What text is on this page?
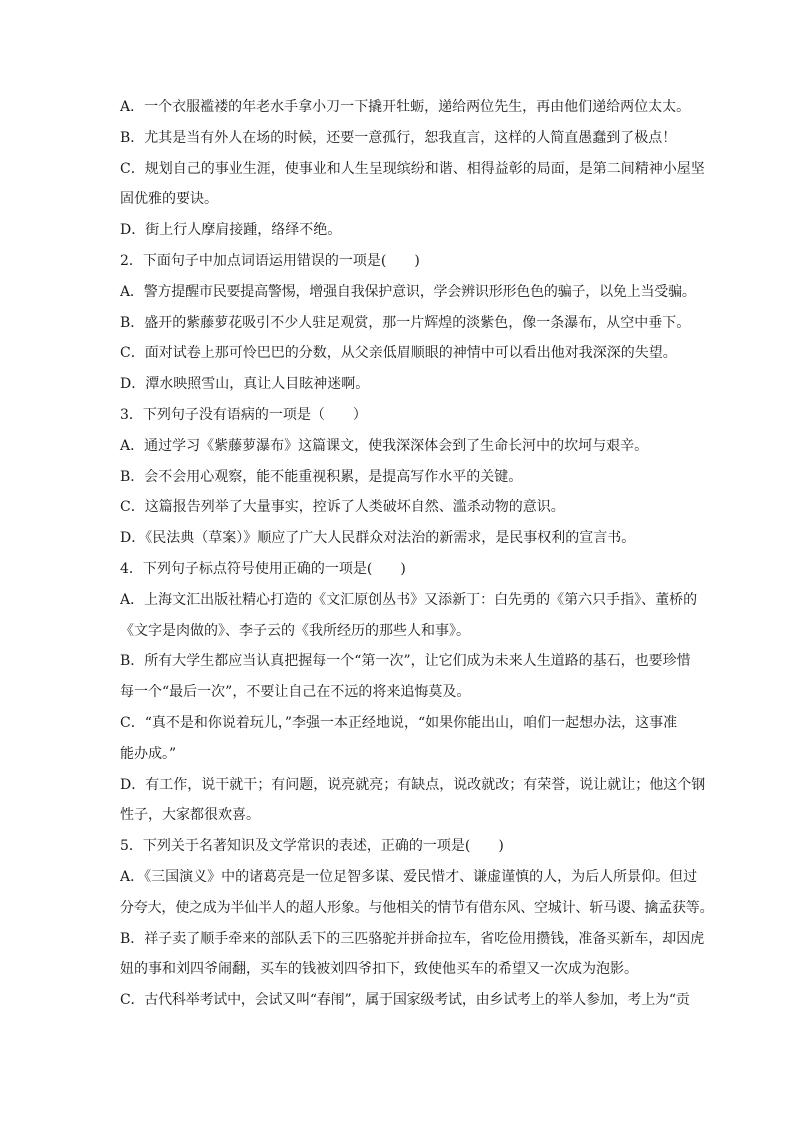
A．一个衣服褴褛的年老水手拿小刀一下撬开牡蛎，递给两位先生，再由他们递给两位太太。
B．尤其是当有外人在场的时候，还要一意孤行，恕我直言，这样的人简直愚蠢到了极点！
C．规划自己的事业生涯，使事业和人生呈现缤纷和谐、相得益彰的局面，是第二间精神小屋坚
固优雅的要诀。
D．街上行人摩肩接踵，络绎不绝。
2．下面句子中加点词语运用错误的一项是(　　)
A．警方提醒市民要提高警惕，增强自我保护意识，学会辨识形形色色的骗子，以免上当受骗。
B．盛开的紫藤萝花吸引不少人驻足观赏，那一片辉煌的淡紫色，像一条瀑布，从空中垂下。
C．面对试卷上那可怜巴巴的分数，从父亲低眉顺眼的神情中可以看出他对我深深的失望。
D．潭水映照雪山，真让人目眩神迷啊。
3．下列句子没有语病的一项是（　　）
A．通过学习《紫藤萝瀑布》这篇课文，使我深深体会到了生命长河中的坎坷与艰辛。
B．会不会用心观察，能不能重视积累，是提高写作水平的关键。
C．这篇报告列举了大量事实，控诉了人类破坏自然、滥杀动物的意识。
D．《民法典（草案）》顺应了广大人民群众对法治的新需求，是民事权利的宣言书。
4．下列句子标点符号使用正确的一项是(　　)
A．上海文汇出版社精心打造的《文汇原创丛书》又添新丁：白先勇的《第六只手指》、董桥的
《文字是肉做的》、李子云的《我所经历的那些人和事》。
B．所有大学生都应当认真把握每一个“第一次”，让它们成为未来人生道路的基石，也要珍惜
每一个“最后一次”，不要让自己在不远的将来追悔莫及。
C．“真不是和你说着玩儿，”李强一本正经地说，“如果你能出山，咱们一起想办法，这事准
能办成。”
D．有工作，说干就干；有问题，说亮就亮；有缺点，说改就改；有荣誉，说让就让；他这个钢
性子，大家都很欢喜。
5．下列关于名著知识及文学常识的表述，正确的一项是(　　)
A．《三国演义》中的诸葛亮是一位足智多谋、爱民惜才、谦虚谨慎的人，为后人所景仰。但过
分夸大，使之成为半仙半人的超人形象。与他相关的情节有借东风、空城计、斩马谡、擒孟获等。
B．祥子卖了顺手牵来的部队丢下的三匹骆驼并拼命拉车，省吃俭用攒钱，准备买新车，却因虎
妞的事和刘四爷闹翻，买车的钱被刘四爷扣下，致使他买车的希望又一次成为泡影。
C．古代科举考试中，会试又叫“春闱”，属于国家级考试，由乡试考上的举人参加，考上为“贡
